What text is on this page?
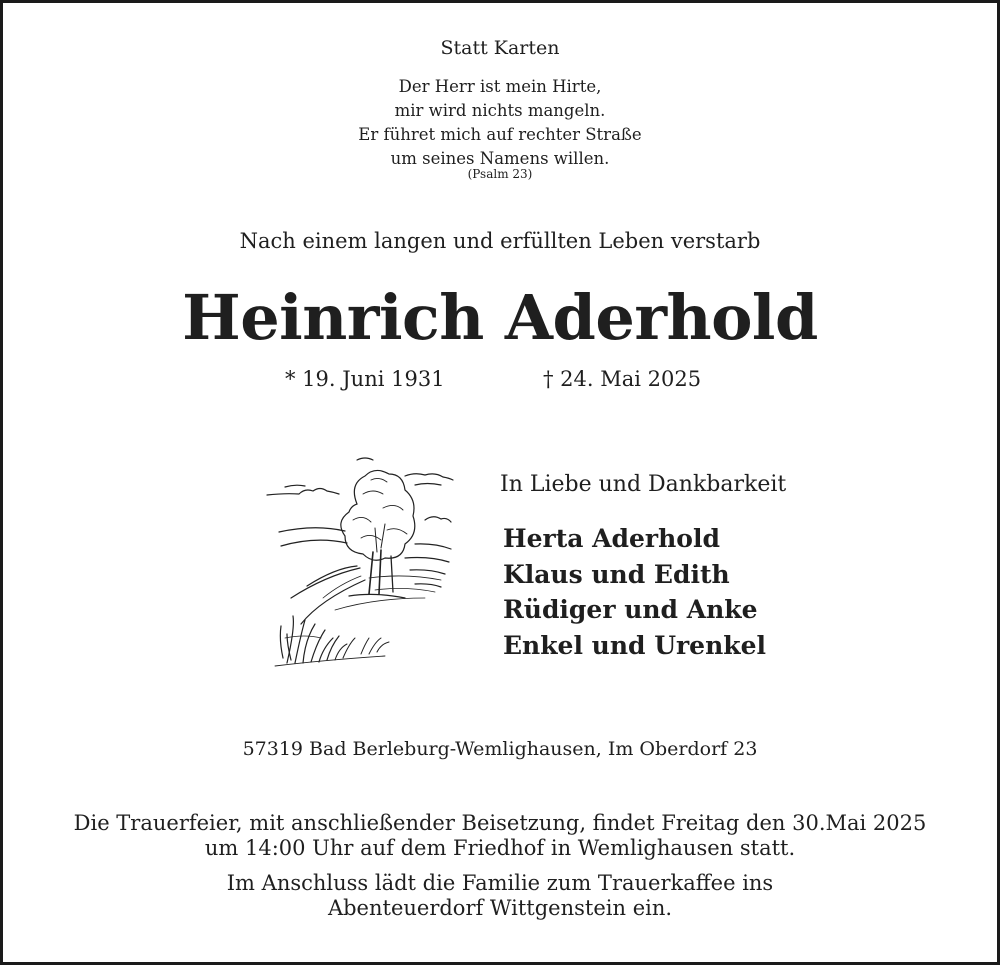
Statt Karten
Der Herr ist mein Hirte,
mir wird nichts mangeln.
Er führet mich auf rechter Straße
um seines Namens willen.
(Psalm 23)
Nach einem langen und erfüllten Leben verstarb
Heinrich Aderhold
* 19. Juni 1931	† 24. Mai 2025
In Liebe und Dankbarkeit
Herta Aderhold
Klaus und Edith
Rüdiger und Anke
Enkel und Urenkel
57319 Bad Berleburg-Wemlighausen, Im Oberdorf 23
Die Trauerfeier, mit anschließender Beisetzung, findet Freitag den 30.Mai 2025
um 14:00 Uhr auf dem Friedhof in Wemlighausen statt.
Im Anschluss lädt die Familie zum Trauerkaffee ins
Abenteuerdorf Wittgenstein ein.
